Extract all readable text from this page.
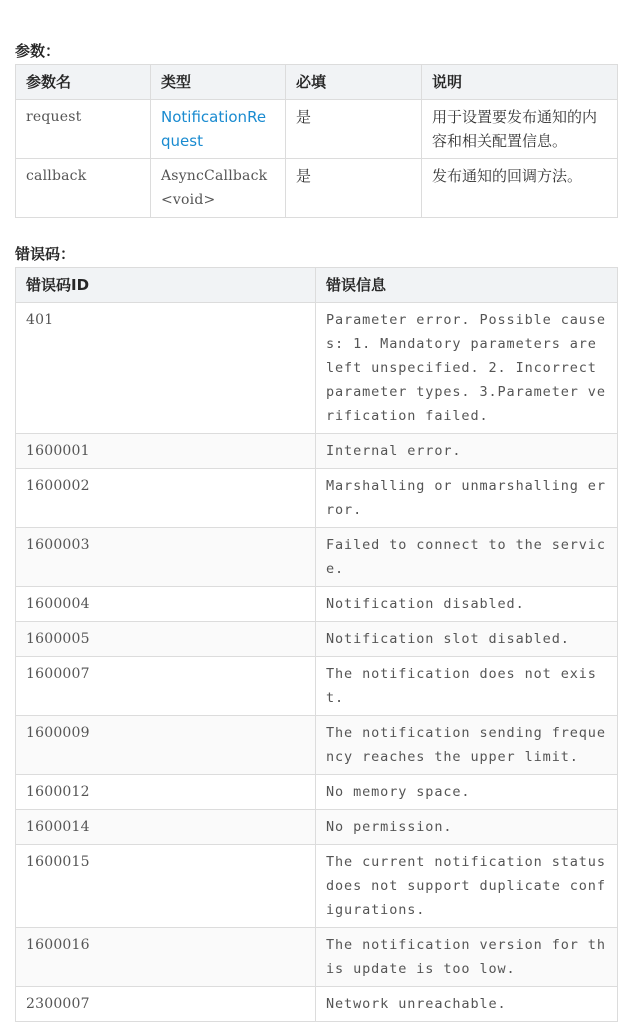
参数：
参数名	类型	必填	说明
request	NotificationRequest	是	用于设置要发布通知的内容和相关配置信息。
callback	AsyncCallback<void>	是	发布通知的回调方法。
错误码：
错误码ID	错误信息
401	Parameter error. Possible causes: 1. Mandatory parameters are left unspecified. 2. Incorrect parameter types. 3.Parameter verification failed.
1600001	Internal error.
1600002	Marshalling or unmarshalling error.
1600003	Failed to connect to the service.
1600004	Notification disabled.
1600005	Notification slot disabled.
1600007	The notification does not exist.
1600009	The notification sending frequency reaches the upper limit.
1600012	No memory space.
1600014	No permission.
1600015	The current notification status does not support duplicate configurations.
1600016	The notification version for this update is too low.
2300007	Network unreachable.
